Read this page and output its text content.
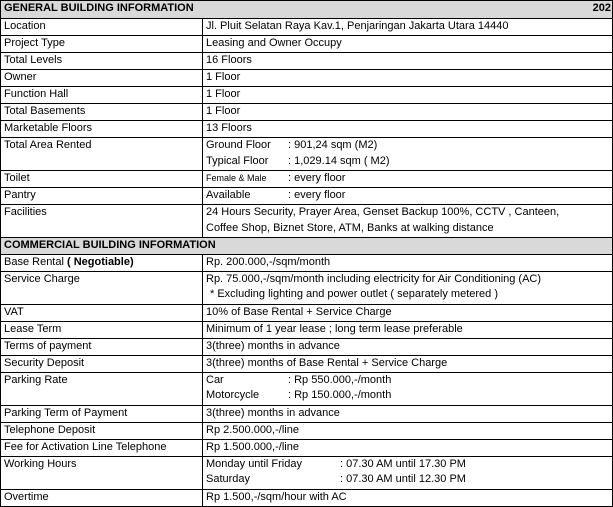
GENERAL BUILDING INFORMATION 202	

Location	Jl. Pluit Selatan Raya Kav.1, Penjaringan Jakarta Utara 14440
Project Type	Leasing and Owner Occupy
Total Levels	16 Floors
Owner	1 Floor
Function Hall	1 Floor
Total Basements	1 Floor
Marketable Floors	13 Floors
Total Area Rented	Ground Floor : 901,24 sqm (M2)
Typical Floor : 1,029.14 sqm ( M2)

Toilet	Female & Male : every floor

Pantry	Available : every floor

Facilities	24 Hours Security, Prayer Area, Genset Backup 100%, CCTV , Canteen,
Coffee Shop, Biznet Store, ATM, Banks at walking distance

COMMERCIAL BUILDING INFORMATION	
Base Rental ( Negotiable)	Rp. 200.000,-/sqm/month
Service Charge	Rp. 75.000,-/sqm/month including electricity for Air Conditioning (AC)
* Excluding lighting and power outlet ( separately metered )

VAT	10% of Base Rental + Service Charge
Lease Term	Minimum of 1 year lease ; long term lease preferable
Terms of payment	3(three) months in advance
Security Deposit	3(three) months of Base Rental + Service Charge
Parking Rate	Car : Rp 550.000,-/month
Motorcycle : Rp 150.000,-/month

Parking Term of Payment	3(three) months in advance
Telephone Deposit	Rp 2.500.000,-/line
Fee for Activation Line Telephone	Rp 1.500.000,-/line
Working Hours	Monday until Friday : 07.30 AM until 17.30 PM
Saturday : 07.30 AM until 12.30 PM

Overtime	Rp 1.500,-/sqm/hour with AC
